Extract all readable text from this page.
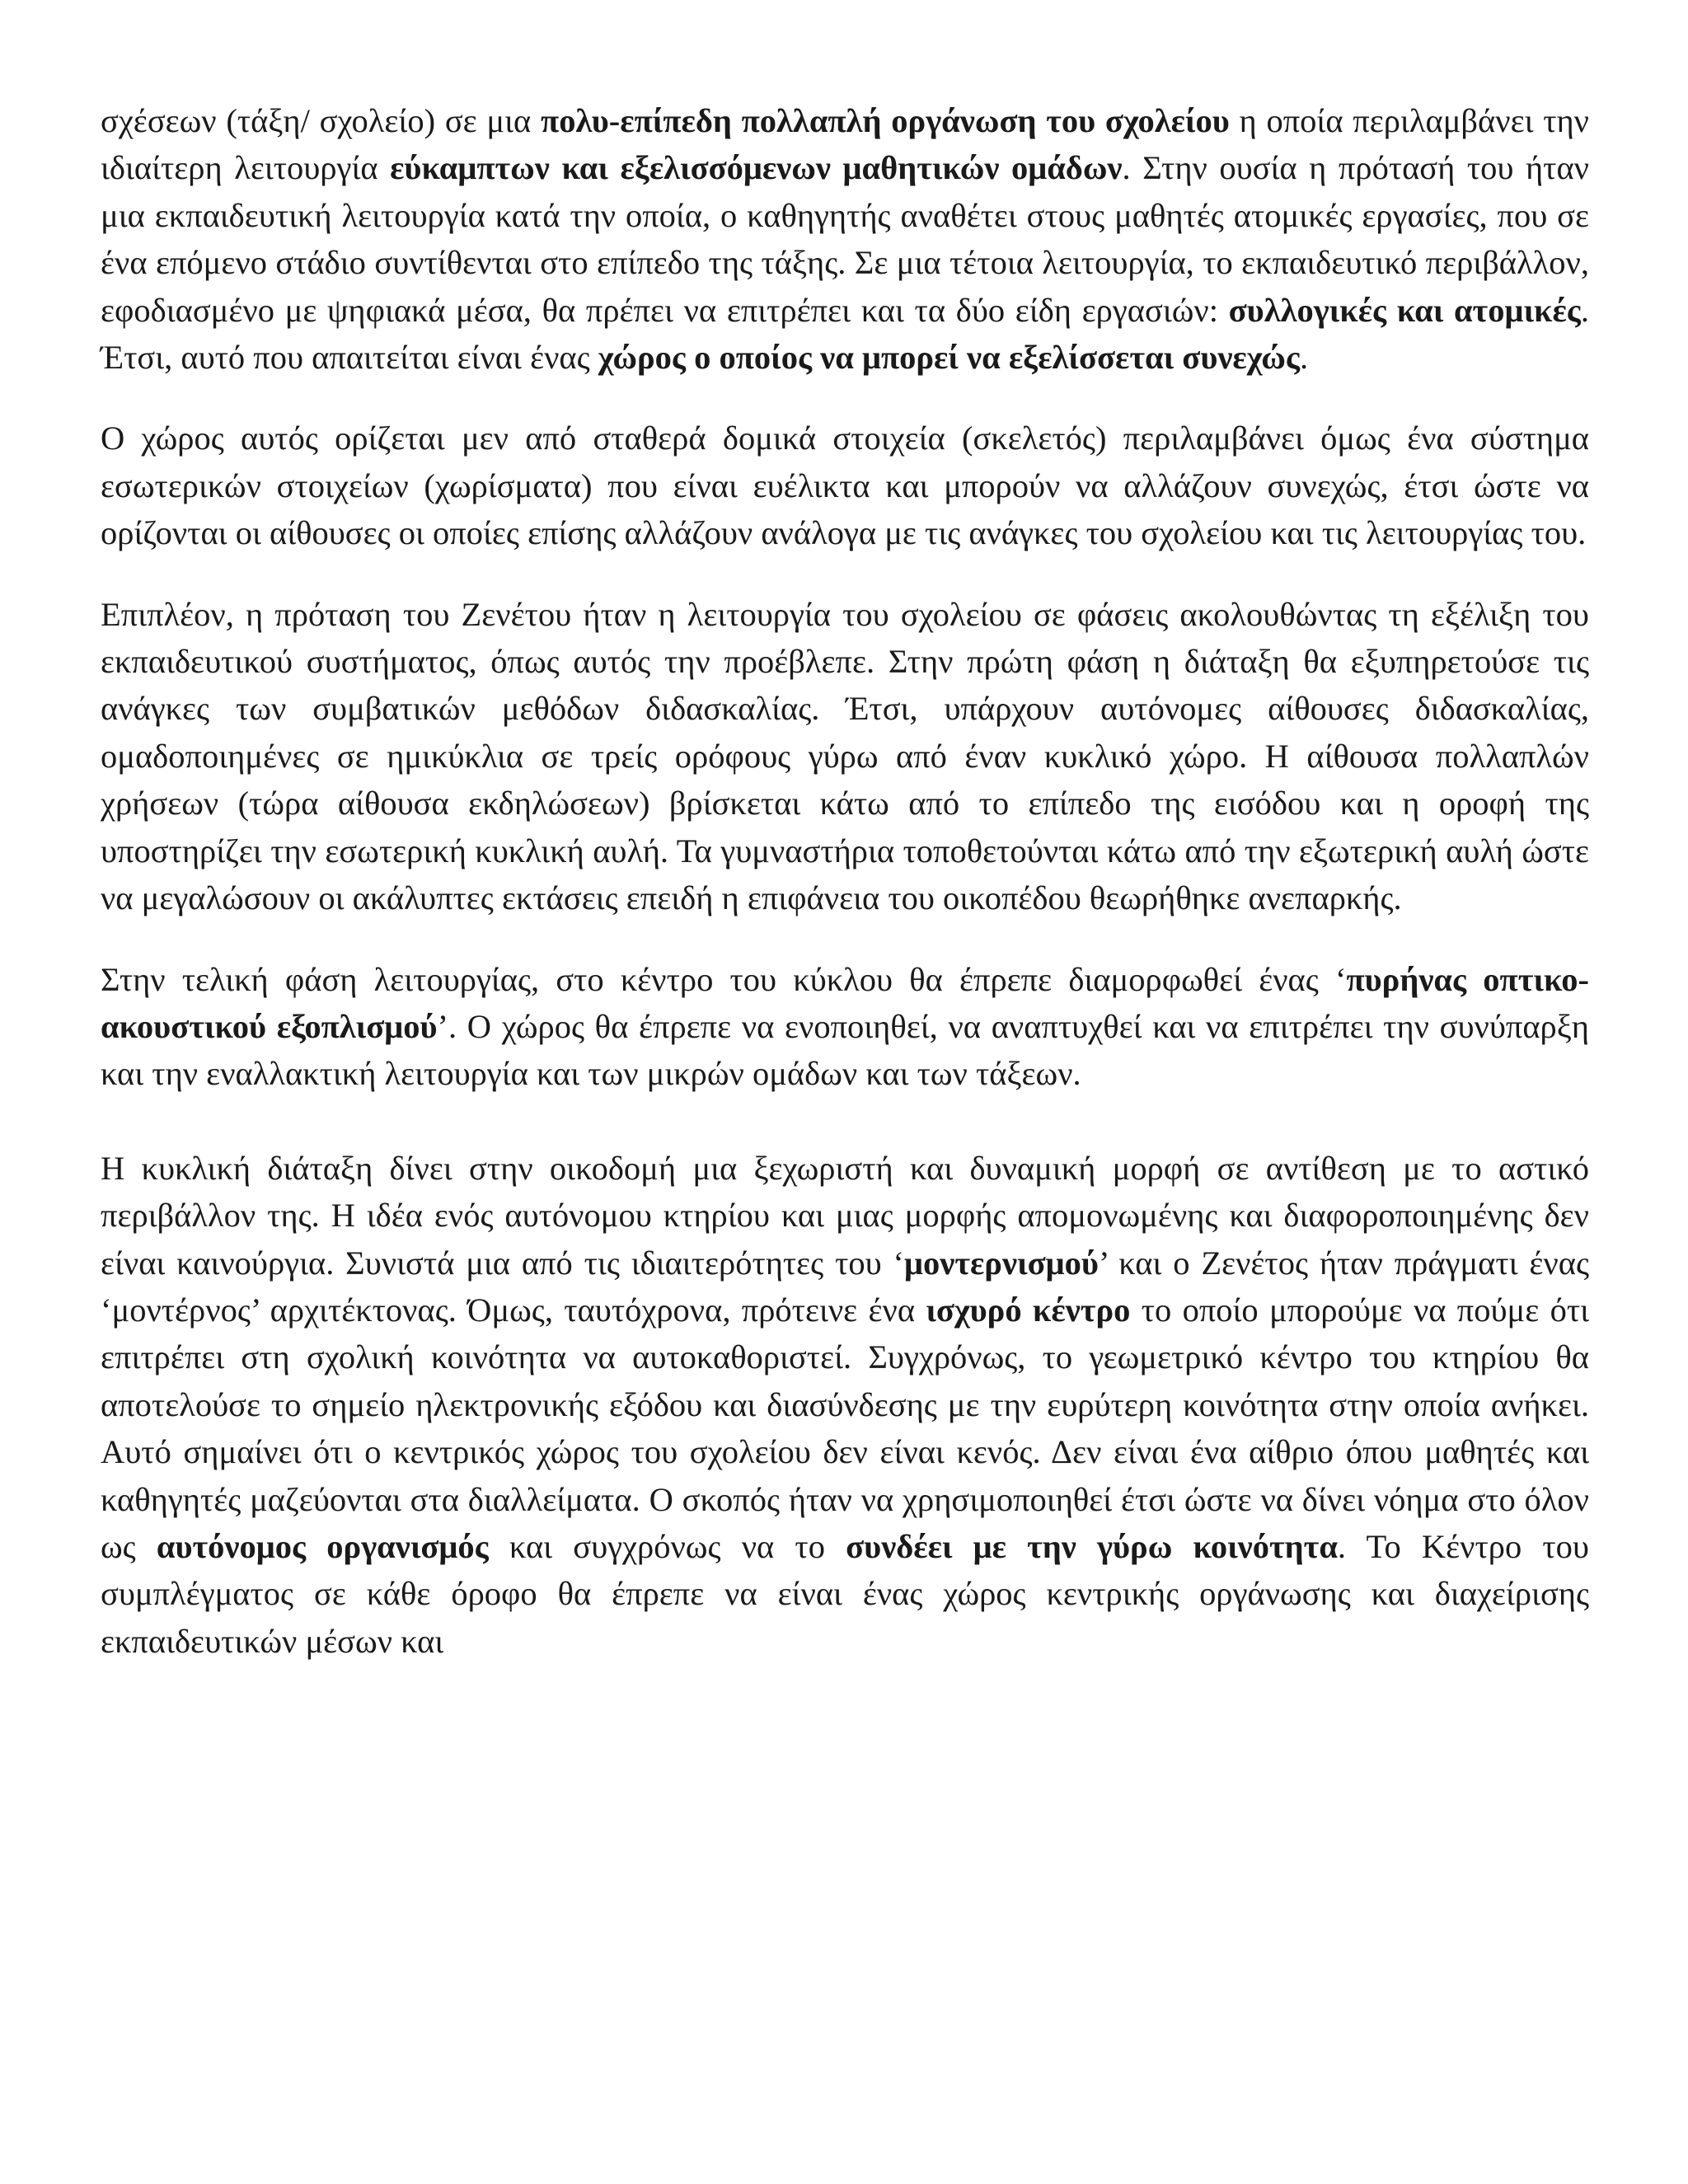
σχέσεων (τάξη/ σχολείο) σε μια πολυ-επίπεδη πολλαπλή οργάνωση του σχολείου η οποία περιλαμβάνει την ιδιαίτερη λειτουργία εύκαμπτων και εξελισσόμενων μαθητικών ομάδων. Στην ουσία η πρότασή του ήταν μια εκπαιδευτική λειτουργία κατά την οποία, ο καθηγητής αναθέτει στους μαθητές ατομικές εργασίες, που σε ένα επόμενο στάδιο συντίθενται στο επίπεδο της τάξης. Σε μια τέτοια λειτουργία, το εκπαιδευτικό περιβάλλον, εφοδιασμένο με ψηφιακά μέσα, θα πρέπει να επιτρέπει και τα δύο είδη εργασιών: συλλογικές και ατομικές. Έτσι, αυτό που απαιτείται είναι ένας χώρος ο οποίος να μπορεί να εξελίσσεται συνεχώς.

Ο χώρος αυτός ορίζεται μεν από σταθερά δομικά στοιχεία (σκελετός) περιλαμβάνει όμως ένα σύστημα εσωτερικών στοιχείων (χωρίσματα) που είναι ευέλικτα και μπορούν να αλλάζουν συνεχώς, έτσι ώστε να ορίζονται οι αίθουσες οι οποίες επίσης αλλάζουν ανάλογα με τις ανάγκες του σχολείου και τις λειτουργίας του.

Επιπλέον, η πρόταση του Ζενέτου ήταν η λειτουργία του σχολείου σε φάσεις ακολουθώντας τη εξέλιξη του εκπαιδευτικού συστήματος, όπως αυτός την προέβλεπε. Στην πρώτη φάση η διάταξη θα εξυπηρετούσε τις ανάγκες των συμβατικών μεθόδων διδασκαλίας. Έτσι, υπάρχουν αυτόνομες αίθουσες διδασκαλίας, ομαδοποιημένες σε ημικύκλια σε τρείς ορόφους γύρω από έναν κυκλικό χώρο. Η αίθουσα πολλαπλών χρήσεων (τώρα αίθουσα εκδηλώσεων) βρίσκεται κάτω από το επίπεδο της εισόδου και η οροφή της υποστηρίζει την εσωτερική κυκλική αυλή. Τα γυμναστήρια τοποθετούνται κάτω από την εξωτερική αυλή ώστε να μεγαλώσουν οι ακάλυπτες εκτάσεις επειδή η επιφάνεια του οικοπέδου θεωρήθηκε ανεπαρκής.

Στην τελική φάση λειτουργίας, στο κέντρο του κύκλου θα έπρεπε διαμορφωθεί ένας ‘πυρήνας οπτικο-ακουστικού εξοπλισμού’. Ο χώρος θα έπρεπε να ενοποιηθεί, να αναπτυχθεί και να επιτρέπει την συνύπαρξη και την εναλλακτική λειτουργία και των μικρών ομάδων και των τάξεων.

Η κυκλική διάταξη δίνει στην οικοδομή μια ξεχωριστή και δυναμική μορφή σε αντίθεση με το αστικό περιβάλλον της. Η ιδέα ενός αυτόνομου κτηρίου και μιας μορφής απομονωμένης και διαφοροποιημένης δεν είναι καινούργια. Συνιστά μια από τις ιδιαιτερότητες του ‘μοντερνισμού’ και ο Ζενέτος ήταν πράγματι ένας ‘μοντέρνος’ αρχιτέκτονας. Όμως, ταυτόχρονα, πρότεινε ένα ισχυρό κέντρο το οποίο μπορούμε να πούμε ότι επιτρέπει στη σχολική κοινότητα να αυτοκαθοριστεί. Συγχρόνως, το γεωμετρικό κέντρο του κτηρίου θα αποτελούσε το σημείο ηλεκτρονικής εξόδου και διασύνδεσης με την ευρύτερη κοινότητα στην οποία ανήκει. Αυτό σημαίνει ότι ο κεντρικός χώρος του σχολείου δεν είναι κενός. Δεν είναι ένα αίθριο όπου μαθητές και καθηγητές μαζεύονται στα διαλλείματα. Ο σκοπός ήταν να χρησιμοποιηθεί έτσι ώστε να δίνει νόημα στο όλον ως αυτόνομος οργανισμός και συγχρόνως να το συνδέει με την γύρω κοινότητα. Το Κέντρο του συμπλέγματος σε κάθε όροφο θα έπρεπε να είναι ένας χώρος κεντρικής οργάνωσης και διαχείρισης εκπαιδευτικών μέσων και
